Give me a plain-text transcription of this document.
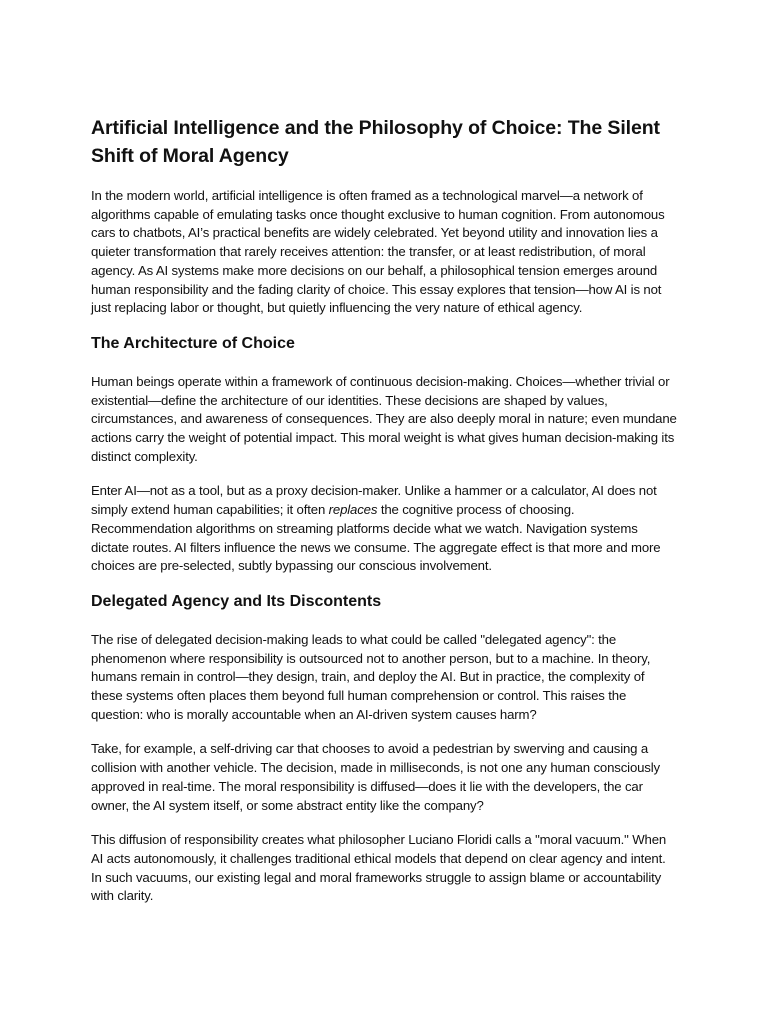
Artificial Intelligence and the Philosophy of Choice: The Silent Shift of Moral Agency

In the modern world, artificial intelligence is often framed as a technological marvel—a network of algorithms capable of emulating tasks once thought exclusive to human cognition. From autonomous cars to chatbots, AI’s practical benefits are widely celebrated. Yet beyond utility and innovation lies a quieter transformation that rarely receives attention: the transfer, or at least redistribution, of moral agency. As AI systems make more decisions on our behalf, a philosophical tension emerges around human responsibility and the fading clarity of choice. This essay explores that tension—how AI is not just replacing labor or thought, but quietly influencing the very nature of ethical agency.

The Architecture of Choice

Human beings operate within a framework of continuous decision-making. Choices—whether trivial or existential—define the architecture of our identities. These decisions are shaped by values, circumstances, and awareness of consequences. They are also deeply moral in nature; even mundane actions carry the weight of potential impact. This moral weight is what gives human decision-making its distinct complexity.

Enter AI—not as a tool, but as a proxy decision-maker. Unlike a hammer or a calculator, AI does not simply extend human capabilities; it often replaces the cognitive process of choosing. Recommendation algorithms on streaming platforms decide what we watch. Navigation systems dictate routes. AI filters influence the news we consume. The aggregate effect is that more and more choices are pre-selected, subtly bypassing our conscious involvement.

Delegated Agency and Its Discontents

The rise of delegated decision-making leads to what could be called "delegated agency": the phenomenon where responsibility is outsourced not to another person, but to a machine. In theory, humans remain in control—they design, train, and deploy the AI. But in practice, the complexity of these systems often places them beyond full human comprehension or control. This raises the question: who is morally accountable when an AI-driven system causes harm?

Take, for example, a self-driving car that chooses to avoid a pedestrian by swerving and causing a collision with another vehicle. The decision, made in milliseconds, is not one any human consciously approved in real-time. The moral responsibility is diffused—does it lie with the developers, the car owner, the AI system itself, or some abstract entity like the company?

This diffusion of responsibility creates what philosopher Luciano Floridi calls a "moral vacuum." When AI acts autonomously, it challenges traditional ethical models that depend on clear agency and intent. In such vacuums, our existing legal and moral frameworks struggle to assign blame or accountability with clarity.
